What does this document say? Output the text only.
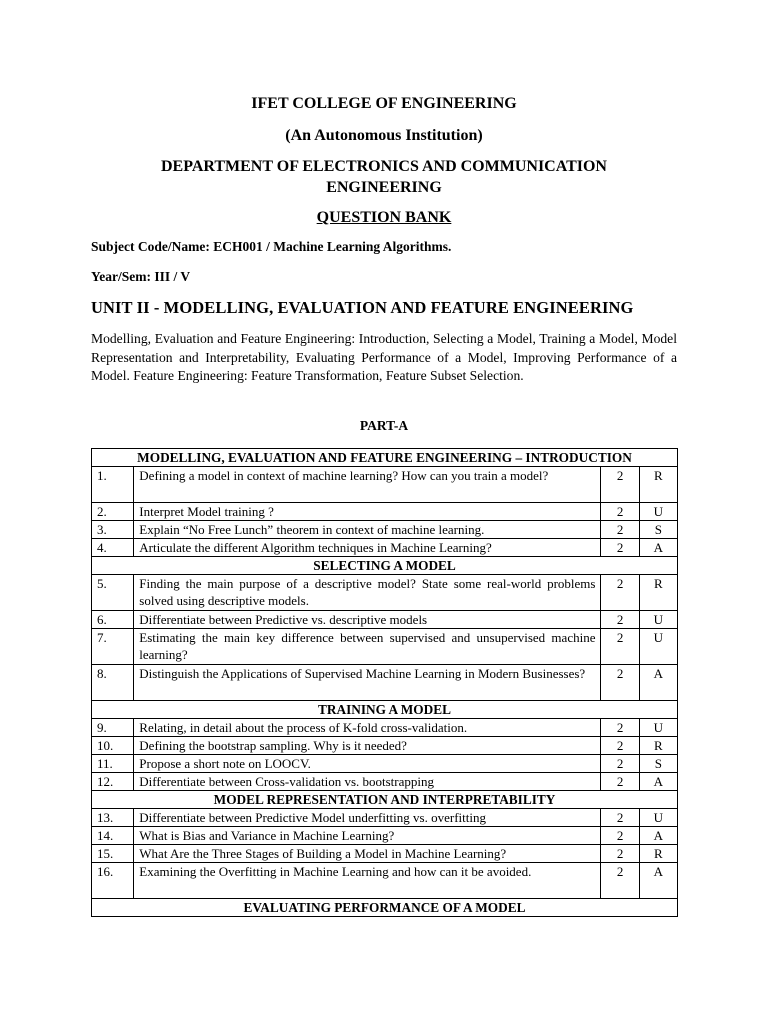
IFET COLLEGE OF ENGINEERING
(An Autonomous Institution)
DEPARTMENT OF ELECTRONICS AND COMMUNICATION
ENGINEERING
QUESTION BANK
Subject Code/Name: ECH001 / Machine Learning Algorithms.
Year/Sem: III / V
UNIT II - MODELLING, EVALUATION AND FEATURE ENGINEERING
Modelling, Evaluation and Feature Engineering: Introduction, Selecting a Model, Training a Model, Model Representation and Interpretability, Evaluating Performance of a Model, Improving Performance of a Model. Feature Engineering: Feature Transformation, Feature Subset Selection.
PART-A
MODELLING, EVALUATION AND FEATURE ENGINEERING – INTRODUCTION			
1.	Defining a model in context of machine learning? How can you train a model?	2	R
2.	Interpret Model training ?	2	U
3.	Explain “No Free Lunch” theorem in context of machine learning.	2	S
4.	Articulate the different Algorithm techniques in Machine Learning?	2	A
SELECTING A MODEL			
5.	Finding the main purpose of a descriptive model? State some real-world problems solved using descriptive models.	2	R
6.	Differentiate between Predictive vs. descriptive models	2	U
7.	Estimating the main key difference between supervised and unsupervised machine learning?	2	U
8.	Distinguish the Applications of Supervised Machine Learning in Modern Businesses?	2	A
TRAINING A MODEL			
9.	Relating, in detail about the process of K-fold cross-validation.	2	U
10.	Defining the bootstrap sampling. Why is it needed?	2	R
11.	Propose a short note on LOOCV.	2	S
12.	Differentiate between Cross-validation vs. bootstrapping	2	A
MODEL REPRESENTATION AND INTERPRETABILITY			
13.	Differentiate between Predictive Model underfitting vs. overfitting	2	U
14.	What is Bias and Variance in Machine Learning?	2	A
15.	What Are the Three Stages of Building a Model in Machine Learning?	2	R
16.	Examining the Overfitting in Machine Learning and how can it be avoided.	2	A
EVALUATING PERFORMANCE OF A MODEL			
